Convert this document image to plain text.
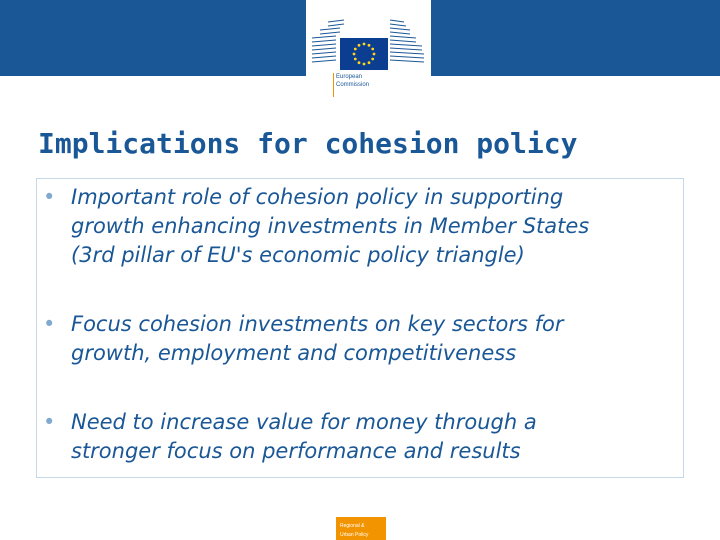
European
Commission
Implications for cohesion policy
• Important role of cohesion policy in supporting
growth enhancing investments in Member States
(3rd pillar of EU's economic policy triangle)
• Focus cohesion investments on key sectors for
growth, employment and competitiveness
• Need to increase value for money through a
stronger focus on performance and results
Regional &
Urban Policy
